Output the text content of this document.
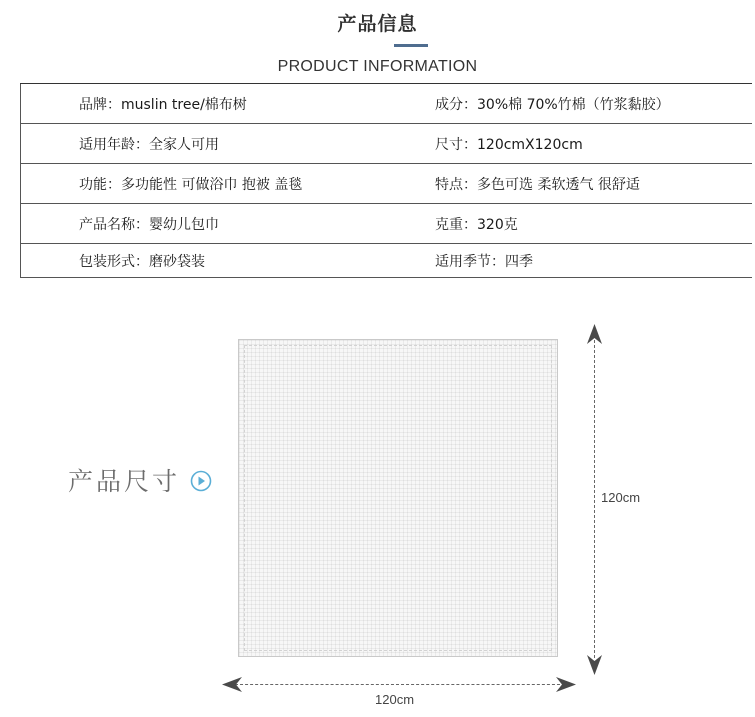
产品信息
PRODUCT INFORMATION
品牌：muslin tree/棉布树	成分：30%棉 70%竹棉（竹浆黏胶）
适用年龄：全家人可用	尺寸：120cmX120cm
功能：多功能性 可做浴巾 抱被 盖毯	特点：多色可选 柔软透气 很舒适
产品名称：婴幼儿包巾	克重：320克
包装形式：磨砂袋装	适用季节：四季
产品尺寸
120cm
120cm
